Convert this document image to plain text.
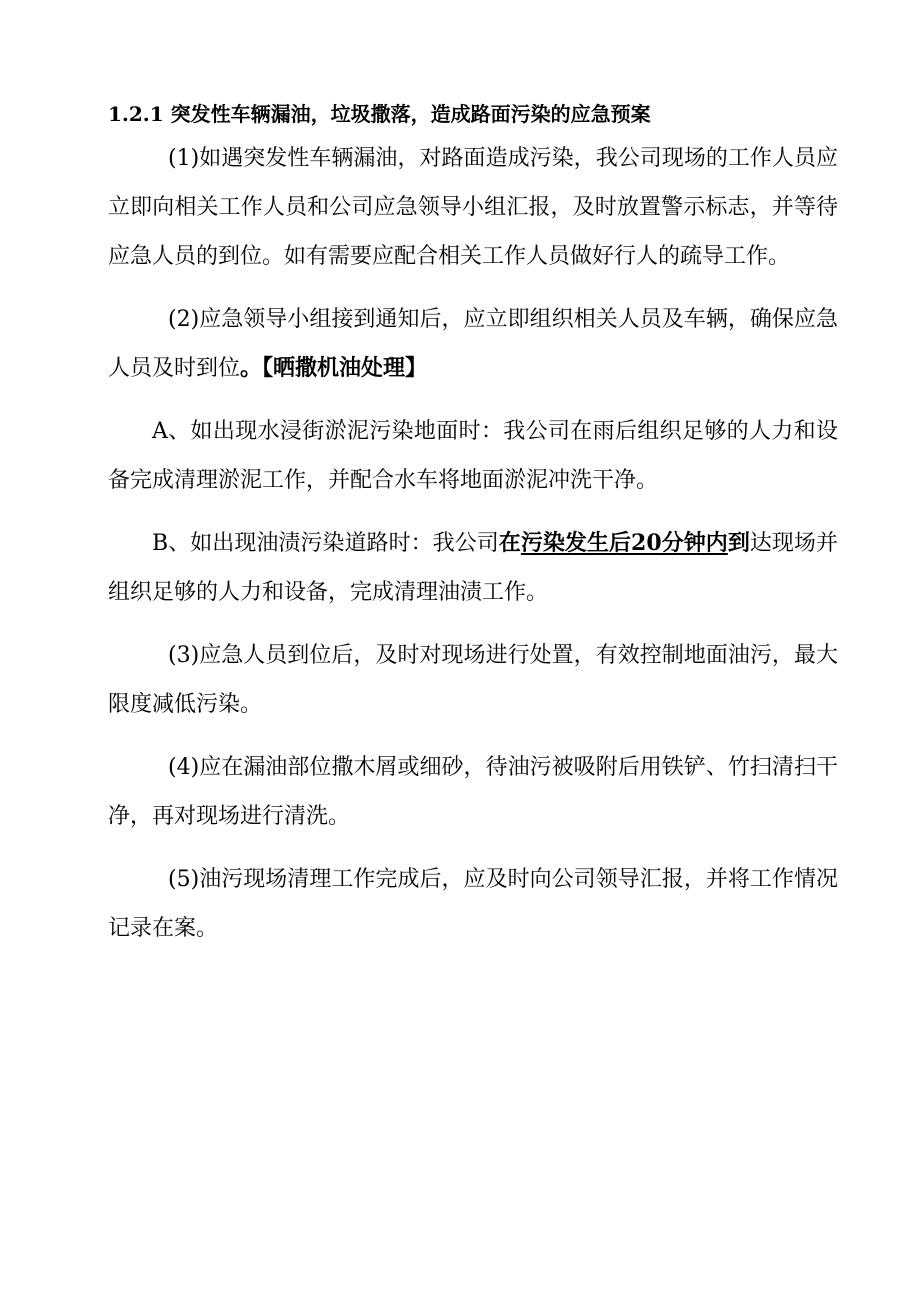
1.2.1 突发性车辆漏油，垃圾撒落，造成路面污染的应急预案

(1)如遇突发性车辆漏油，对路面造成污染，我公司现场的工作人员应立即向相关工作人员和公司应急领导小组汇报，及时放置警示标志，并等待应急人员的到位。如有需要应配合相关工作人员做好行人的疏导工作。

(2)应急领导小组接到通知后，应立即组织相关人员及车辆，确保应急人员及时到位。【晒撒机油处理】

A、如出现水浸街淤泥污染地面时：我公司在雨后组织足够的人力和设备完成清理淤泥工作，并配合水车将地面淤泥冲洗干净。

B、如出现油渍污染道路时：我公司在污染发生后20分钟内到达现场并组织足够的人力和设备，完成清理油渍工作。

(3)应急人员到位后，及时对现场进行处置，有效控制地面油污，最大限度减低污染。

(4)应在漏油部位撒木屑或细砂，待油污被吸附后用铁铲、竹扫清扫干净，再对现场进行清洗。

(5)油污现场清理工作完成后，应及时向公司领导汇报，并将工作情况记录在案。
